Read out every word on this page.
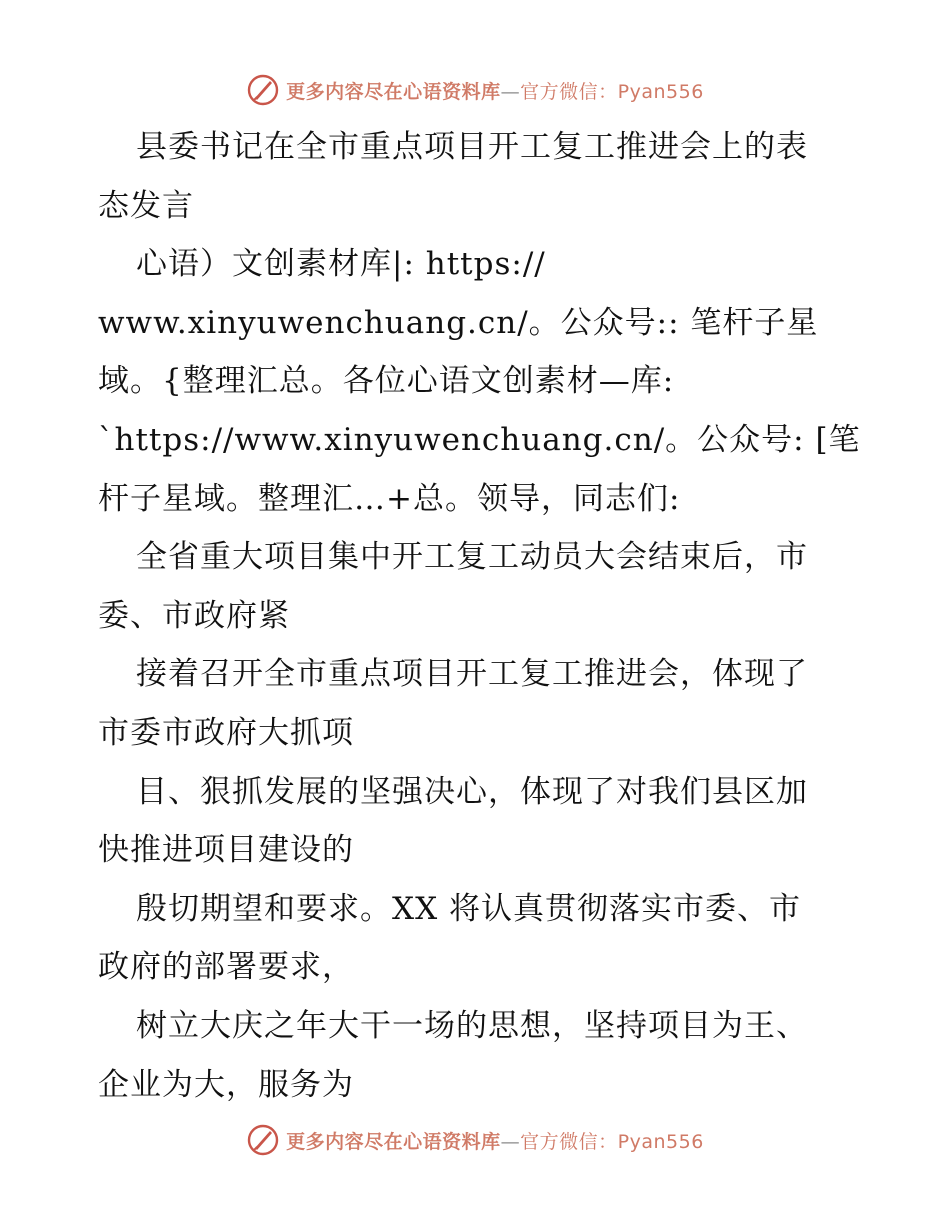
更多内容尽在心语资料库—官方微信：Pyan556
县委书记在全市重点项目开工复工推进会上的表
态发言
心语）文创素材库|: https://
www.xinyuwenchuang.cn/。公众号:: 笔杆子星
域。{整理汇总。各位心语文创素材—库:
`https://www.xinyuwenchuang.cn/。公众号: [笔
杆子星域。整理汇…+总。领导，同志们:
全省重大项目集中开工复工动员大会结束后，市
委、市政府紧
接着召开全市重点项目开工复工推进会，体现了
市委市政府大抓项
目、狠抓发展的坚强决心，体现了对我们县区加
快推进项目建设的
殷切期望和要求。XX 将认真贯彻落实市委、市
政府的部署要求，
树立大庆之年大干一场的思想，坚持项目为王、
企业为大，服务为
更多内容尽在心语资料库—官方微信：Pyan556
